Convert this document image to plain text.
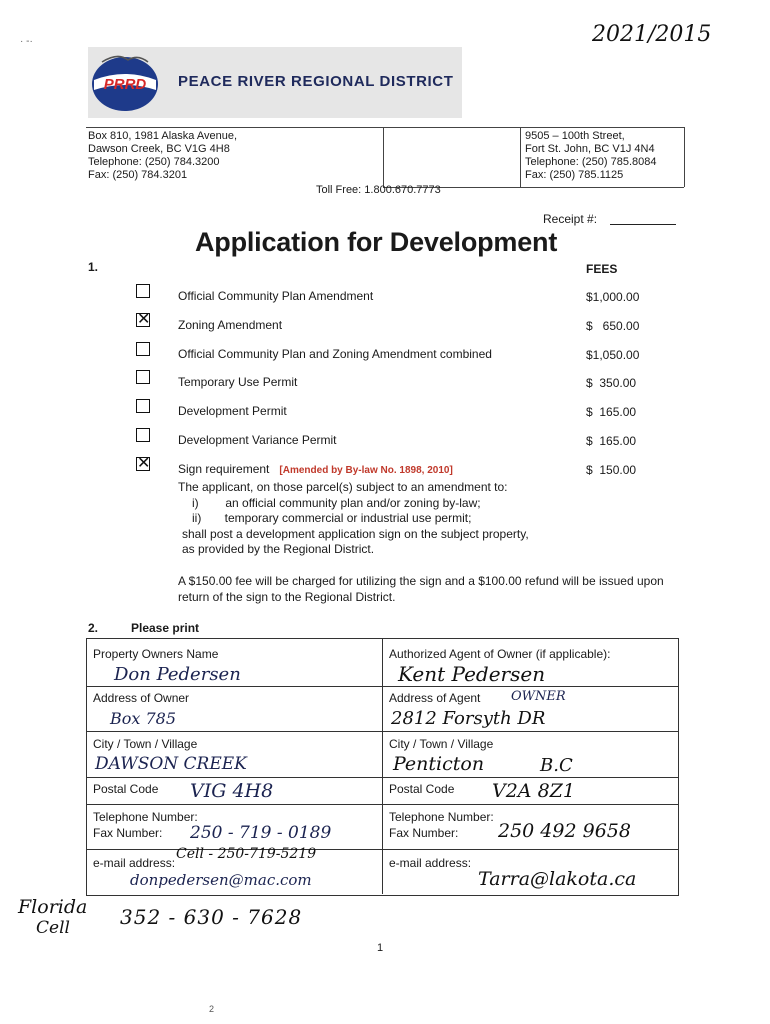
2021/2015
· -·
PRRD PEACE RIVER REGIONAL DISTRICT
Box 810, 1981 Alaska Avenue,
Dawson Creek, BC V1G 4H8
Telephone: (250) 784.3200
Fax: (250) 784.3201
9505 – 100th Street,
Fort St. John, BC V1J 4N4
Telephone: (250) 785.8084
Fax: (250) 785.1125
Toll Free: 1.800.670.7773
Receipt #:
Application for Development
1.	FEES
Official Community Plan Amendment	$1,000.00
✕ Zoning Amendment	$   650.00
Official Community Plan and Zoning Amendment combined	$1,050.00
Temporary Use Permit	$  350.00
Development Permit	$  165.00
Development Variance Permit	$  165.00
✕ Sign requirement [Amended by By-law No. 1898, 2010]	$  150.00
The applicant, on those parcel(s) subject to an amendment to:
i)        an official community plan and/or zoning by-law;
ii)       temporary commercial or industrial use permit;
shall post a development application sign on the subject property,
as provided by the Regional District.
A $150.00 fee will be charged for utilizing the sign and a $100.00 refund will be issued upon return of the sign to the Regional District.
2.	Please print
Property Owners Name
Don Pedersen
Address of Owner
Box 785
City / Town / Village
DAWSON CREEK
Postal Code VIG 4H8
Telephone Number:
Fax Number: 250 - 719 - 0189
e-mail address:
Cell - 250-719-5219
donpedersen@mac.com
Authorized Agent of Owner (if applicable):
Kent Pedersen
Address of Agent OWNER
2812 Forsyth DR
City / Town / Village
Penticton	B.C
Postal Code V2A 8Z1
Telephone Number:
Fax Number: 250 492 9658
e-mail address:
Tarra@lakota.ca
Florida
Cell	352 - 630 - 7628
1
2
